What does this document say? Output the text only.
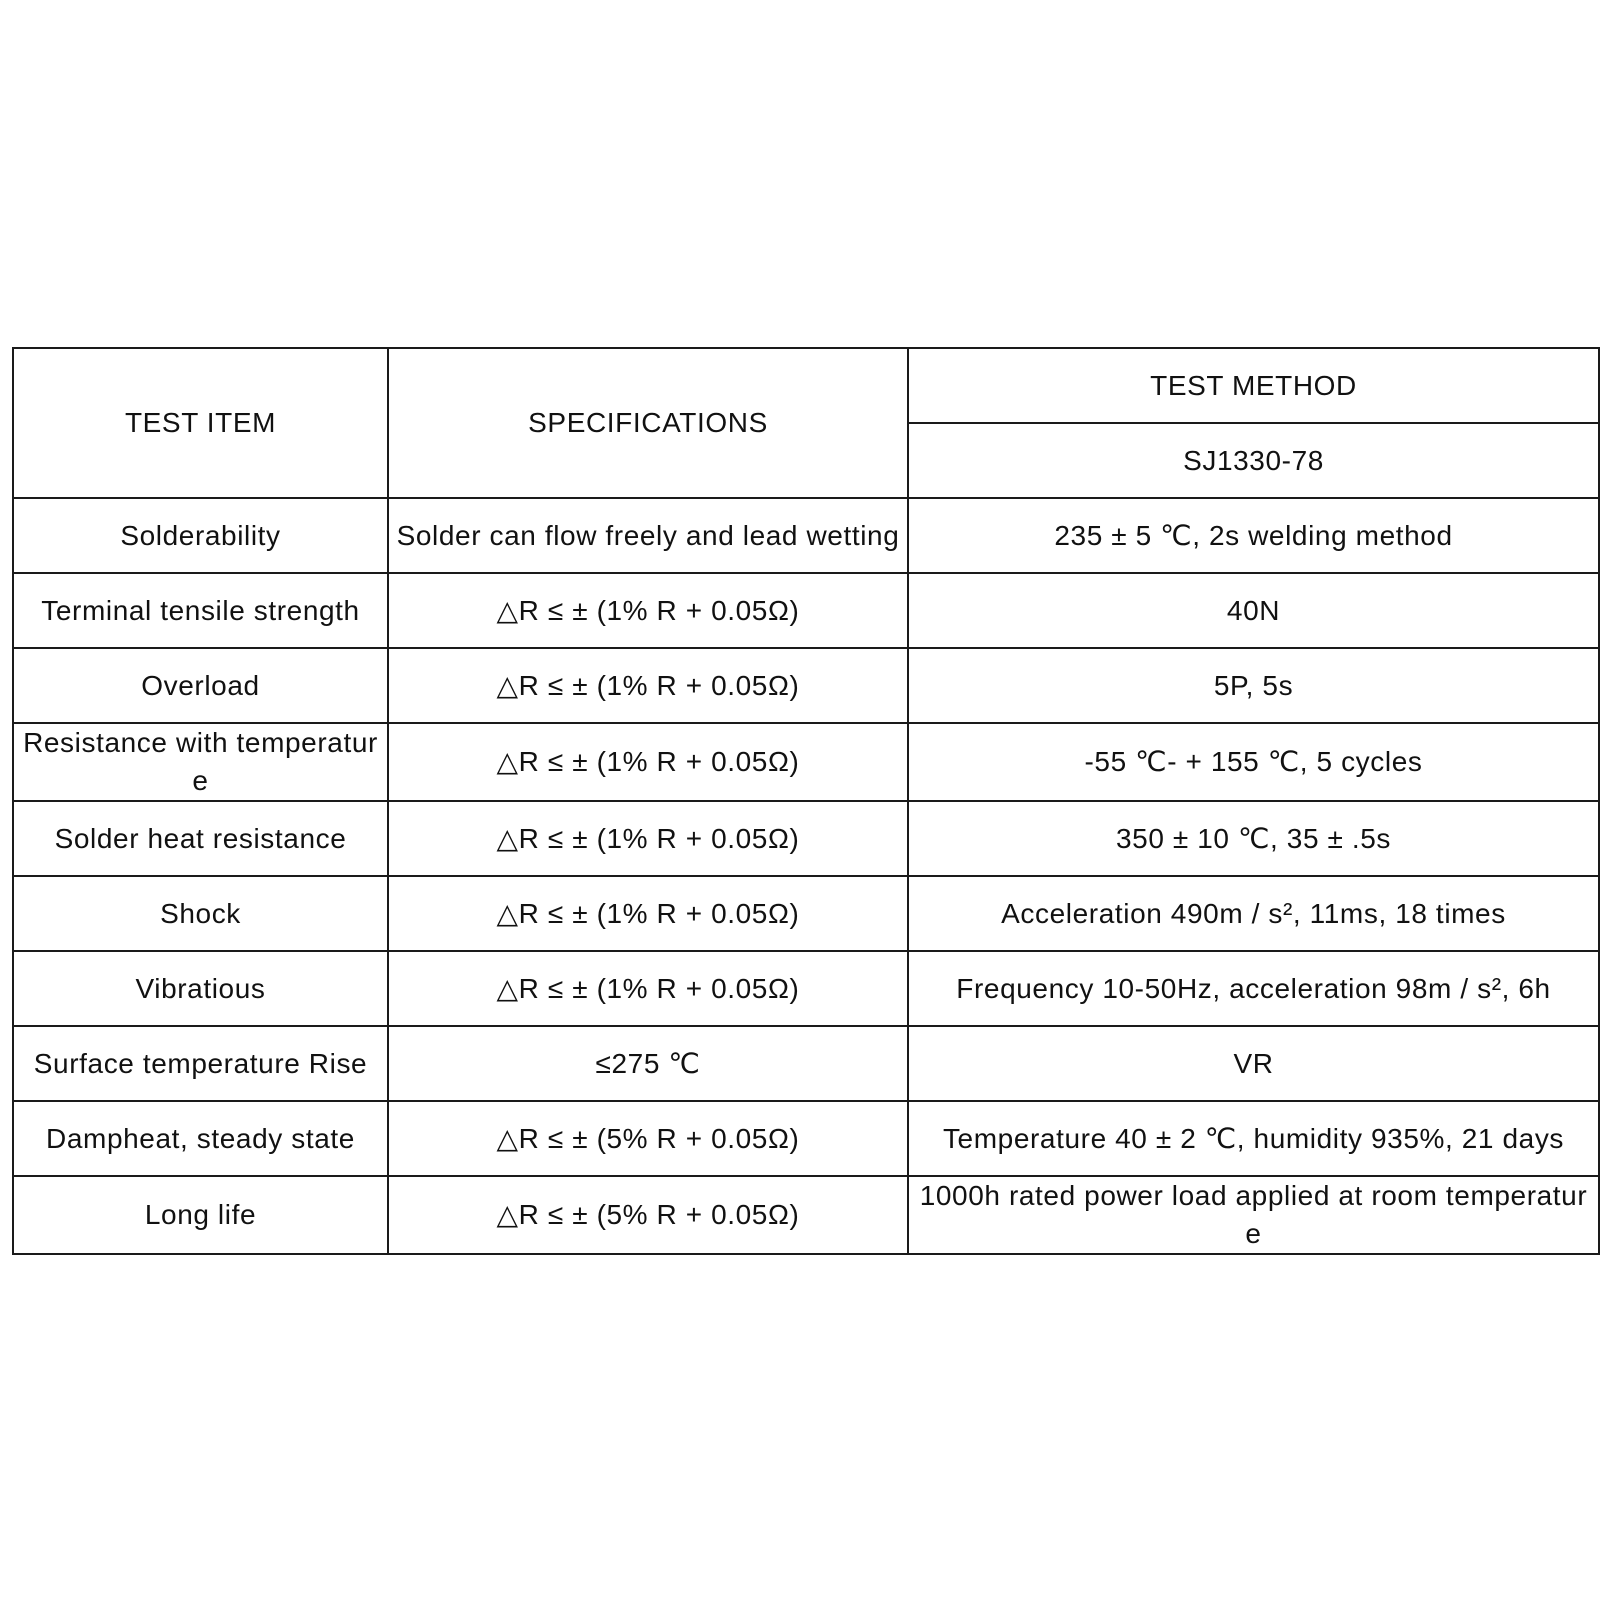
TEST ITEM	SPECIFICATIONS	TEST METHOD
		SJ1330-78
Solderability	Solder can flow freely and lead wetting	235 ± 5 ℃, 2s welding method
Terminal tensile strength	△R ≤ ± (1% R + 0.05Ω)	40N
Overload	△R ≤ ± (1% R + 0.05Ω)	5P, 5s
Resistance with temperature	△R ≤ ± (1% R + 0.05Ω)	-55 ℃- + 155 ℃, 5 cycles
Solder heat resistance	△R ≤ ± (1% R + 0.05Ω)	350 ± 10 ℃, 35 ± .5s
Shock	△R ≤ ± (1% R + 0.05Ω)	Acceleration 490m / s², 11ms, 18 times
Vibratious	△R ≤ ± (1% R + 0.05Ω)	Frequency 10-50Hz, acceleration 98m / s², 6h
Surface temperature Rise	≤275 ℃	VR
Dampheat, steady state	△R ≤ ± (5% R + 0.05Ω)	Temperature 40 ± 2 ℃, humidity 935%, 21 days
Long life	△R ≤ ± (5% R + 0.05Ω)	1000h rated power load applied at room temperature
